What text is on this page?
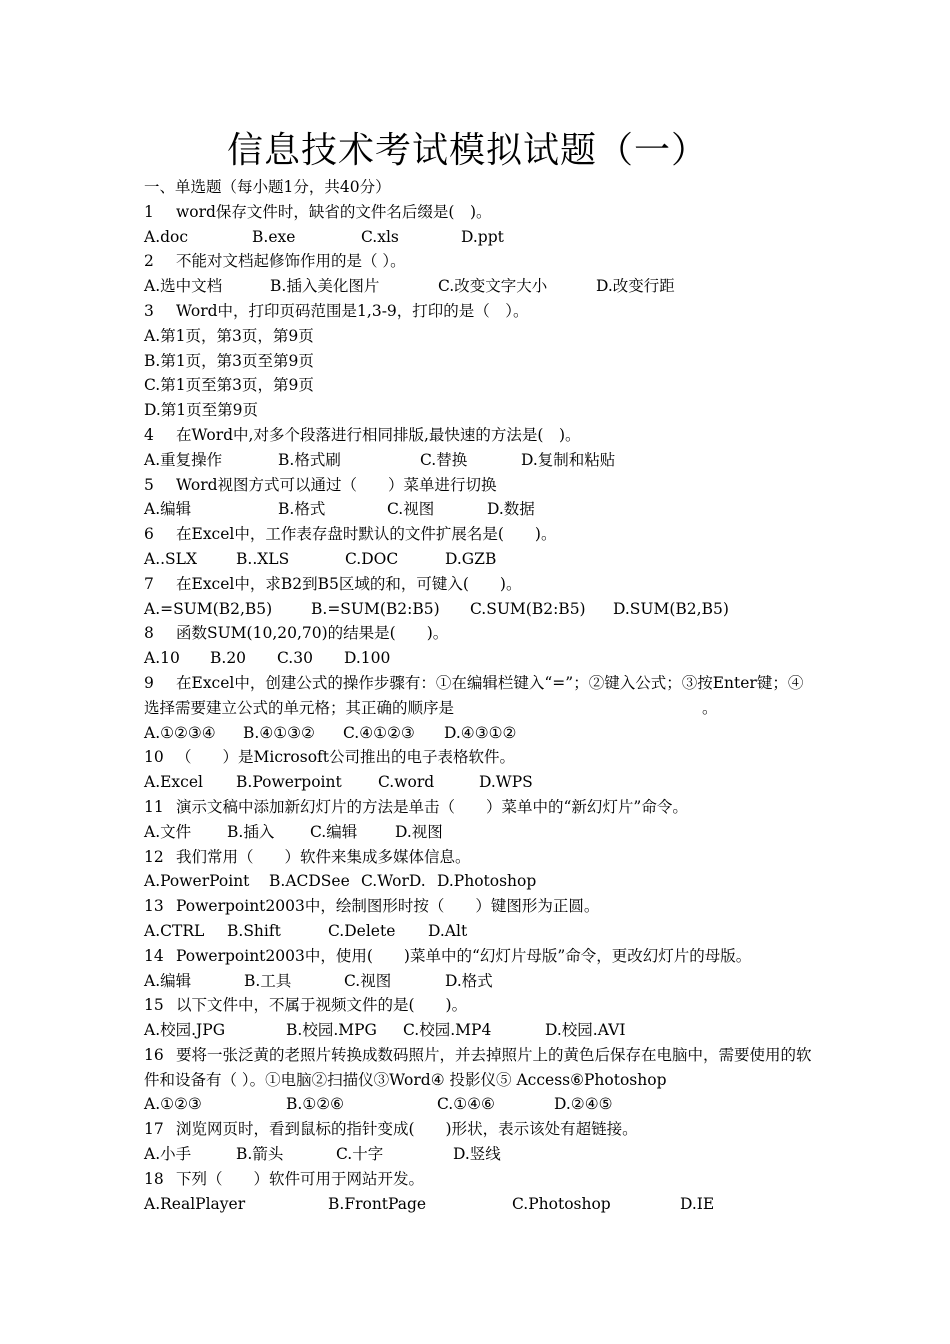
信息技术考试模拟试题（一）
一、单选题（每小题1分，共40分）
1 word保存文件时，缺省的文件名后缀是(　)。
A.doc	B.exe	C.xls	D.ppt
2 不能对文档起修饰作用的是（ ）。
A.选中文档	B.插入美化图片	C.改变文字大小	D.改变行距
3 Word中，打印页码范围是1,3-9，打印的是（　）。
A.第1页，第3页，第9页
B.第1页，第3页至第9页
C.第1页至第3页，第9页
D.第1页至第9页
4 在Word中,对多个段落进行相同排版,最快速的方法是(　)。
A.重复操作	B.格式刷	C.替换	D.复制和粘贴
5 Word视图方式可以通过（　　）菜单进行切换
A.编辑	B.格式	C.视图	D.数据
6 在Excel中，工作表存盘时默认的文件扩展名是(　　)。
A..SLX	B..XLS	C.DOC	D.GZB
7 在Excel中，求B2到B5区域的和，可键入(　　)。
A.=SUM(B2,B5)	B.=SUM(B2:B5) C.SUM(B2:B5) D.SUM(B2,B5)
8 函数SUM(10,20,70)的结果是(　　)。
A.10 B.20 C.30 D.100
9 在Excel中，创建公式的操作步骤有：①在编辑栏键入“=”；②键入公式；③按Enter键；④选择需要建立公式的单元格；其正确的顺序是　　　　　　　　　　　　　　　　。
A.①②③④ B.④①③② C.④①②③ D.④③①②
10 （　　）是Microsoft公司推出的电子表格软件。
A.Excel B.Powerpoint C.word	D.WPS
11 演示文稿中添加新幻灯片的方法是单击（　　）菜单中的“新幻灯片”命令。
A.文件 B.插入 C.编辑 D.视图
12 我们常用（　　）软件来集成多媒体信息。
A.PowerPoint B.ACDSee C.WorD. D.Photoshop
13 Powerpoint2003中，绘制图形时按（　　）键图形为正圆。
A.CTRL B.Shift	C.Delete D.Alt
14 Powerpoint2003中，使用(　　)菜单中的“幻灯片母版”命令，更改幻灯片的母版。
A.编辑	B.工具	C.视图	D.格式
15 以下文件中，不属于视频文件的是(　　)。
A.校园.JPG	B.校园.MPG C.校园.MP4	D.校园.AVI
16 要将一张泛黄的老照片转换成数码照片，并去掉照片上的黄色后保存在电脑中，需要使用的软件和设备有（ ）。①电脑②扫描仪③Word④ 投影仪⑤ Access⑥Photoshop
A.①②③	B.①②⑥	C.①④⑥	D.②④⑤
17 浏览网页时，看到鼠标的指针变成(　　)形状，表示该处有超链接。
A.小手	B.箭头	C.十字	D.竖线
18 下列（　　）软件可用于网站开发。
A.RealPlayer	B.FrontPage	C.Photoshop	D.IE
